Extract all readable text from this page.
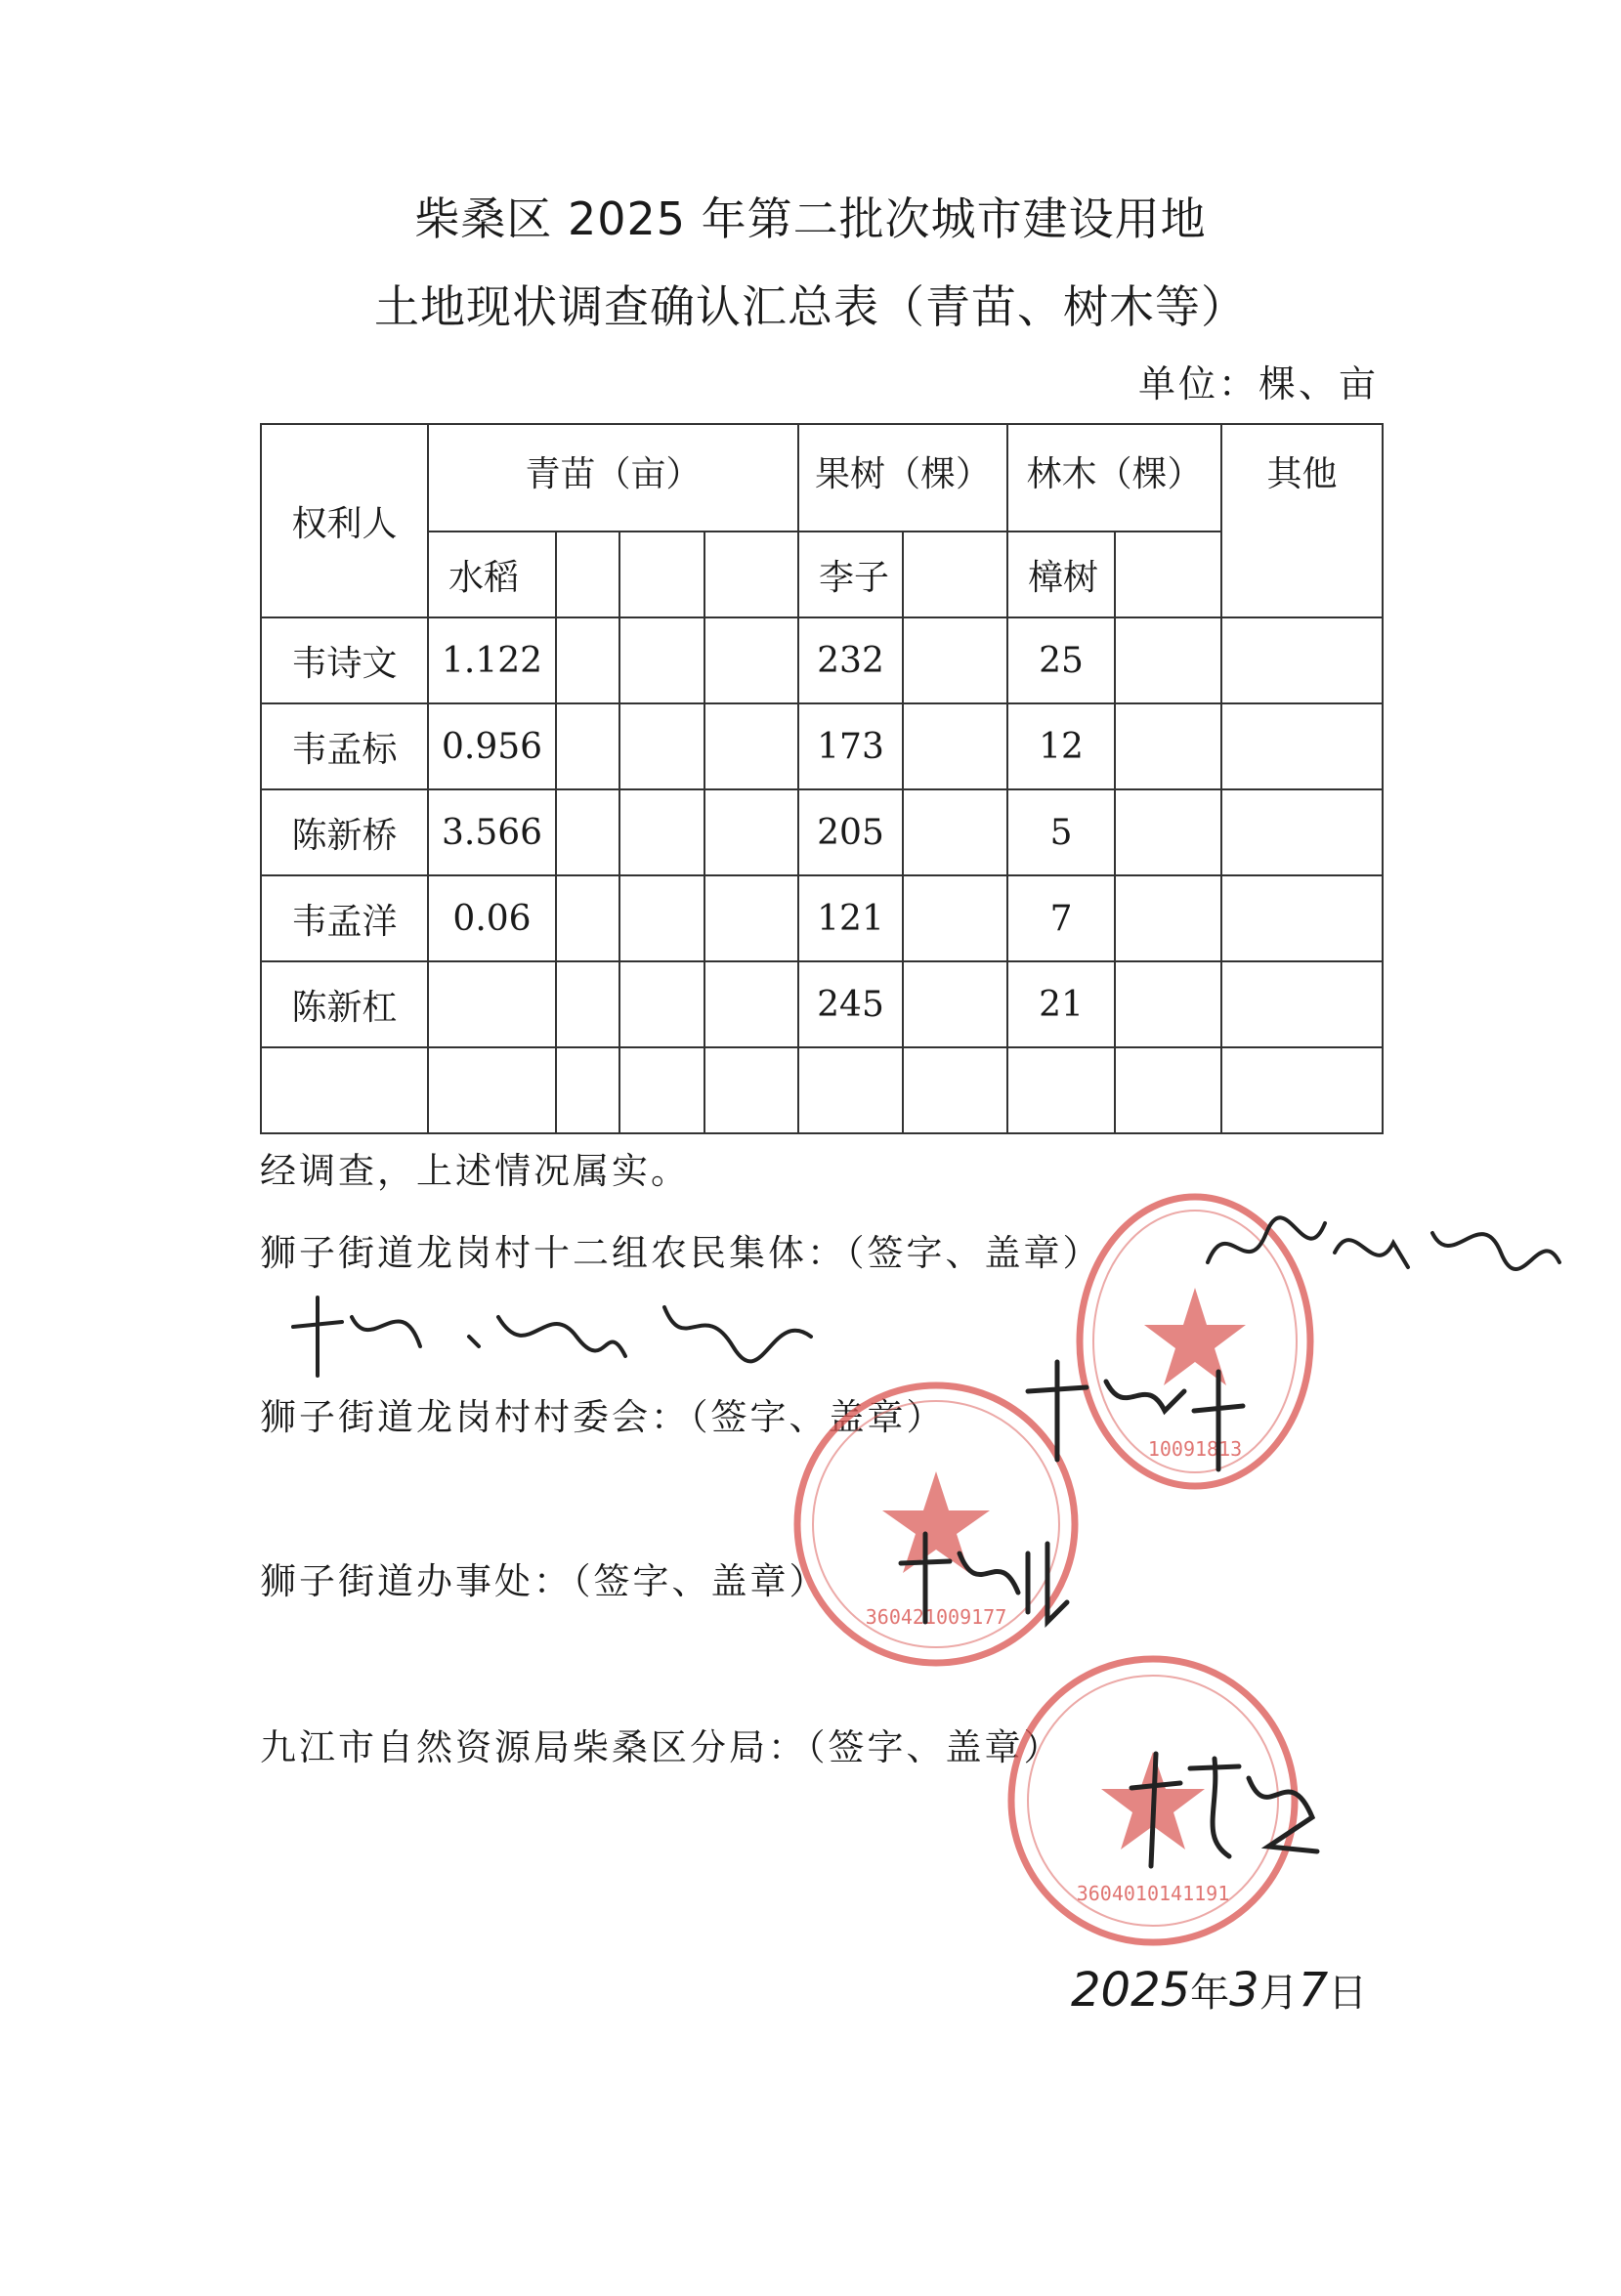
柴桑区 2025 年第二批次城市建设用地
土地现状调查确认汇总表（青苗、树木等）
单位：棵、亩
权利人	青苗（亩）				果树（棵）		林木（棵）		其他
	水稻				李子		樟树		
韦诗文	1.122				232		25		
韦孟标	0.956				173		12		
陈新桥	3.566				205		5		
韦孟洋	0.06				121		7		
陈新杠					245		21		

经调查，上述情况属实。
狮子街道龙岗村十二组农民集体：（签字、盖章）
狮子街道龙岗村村委会：（签字、盖章）
狮子街道办事处：（签字、盖章）
九江市自然资源局柴桑区分局：（签字、盖章）
10091813
360421009177
3604010141191
2025年3月7日
